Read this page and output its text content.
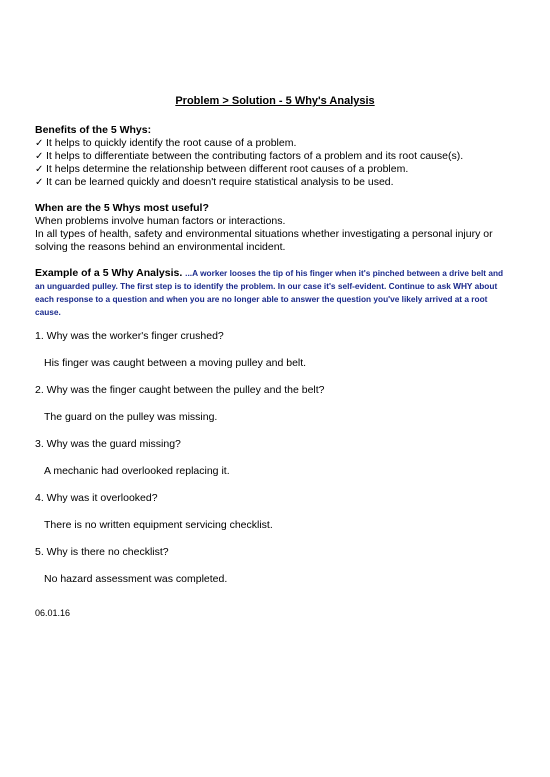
Problem > Solution - 5 Why's Analysis
Benefits of the 5 Whys:
✓ It helps to quickly identify the root cause of a problem.
✓ It helps to differentiate between the contributing factors of a problem and its root cause(s).
✓ It helps determine the relationship between different root causes of a problem.
✓ It can be learned quickly and doesn't require statistical analysis to be used.
When are the 5 Whys most useful?
When problems involve human factors or interactions.
In all types of health, safety and environmental situations whether investigating a personal injury or solving the reasons behind an environmental incident.
Example of a 5 Why Analysis. ...A worker looses the tip of his finger when it's pinched between a drive belt and an unguarded pulley. The first step is to identify the problem. In our case it's self-evident. Continue to ask WHY about each response to a question and when you are no longer able to answer the question you've likely arrived at a root cause.
1. Why was the worker's finger crushed?
His finger was caught between a moving pulley and belt.
2. Why was the finger caught between the pulley and the belt?
The guard on the pulley was missing.
3. Why was the guard missing?
A mechanic had overlooked replacing it.
4. Why was it overlooked?
There is no written equipment servicing checklist.
5. Why is there no checklist?
No hazard assessment was completed.
06.01.16
